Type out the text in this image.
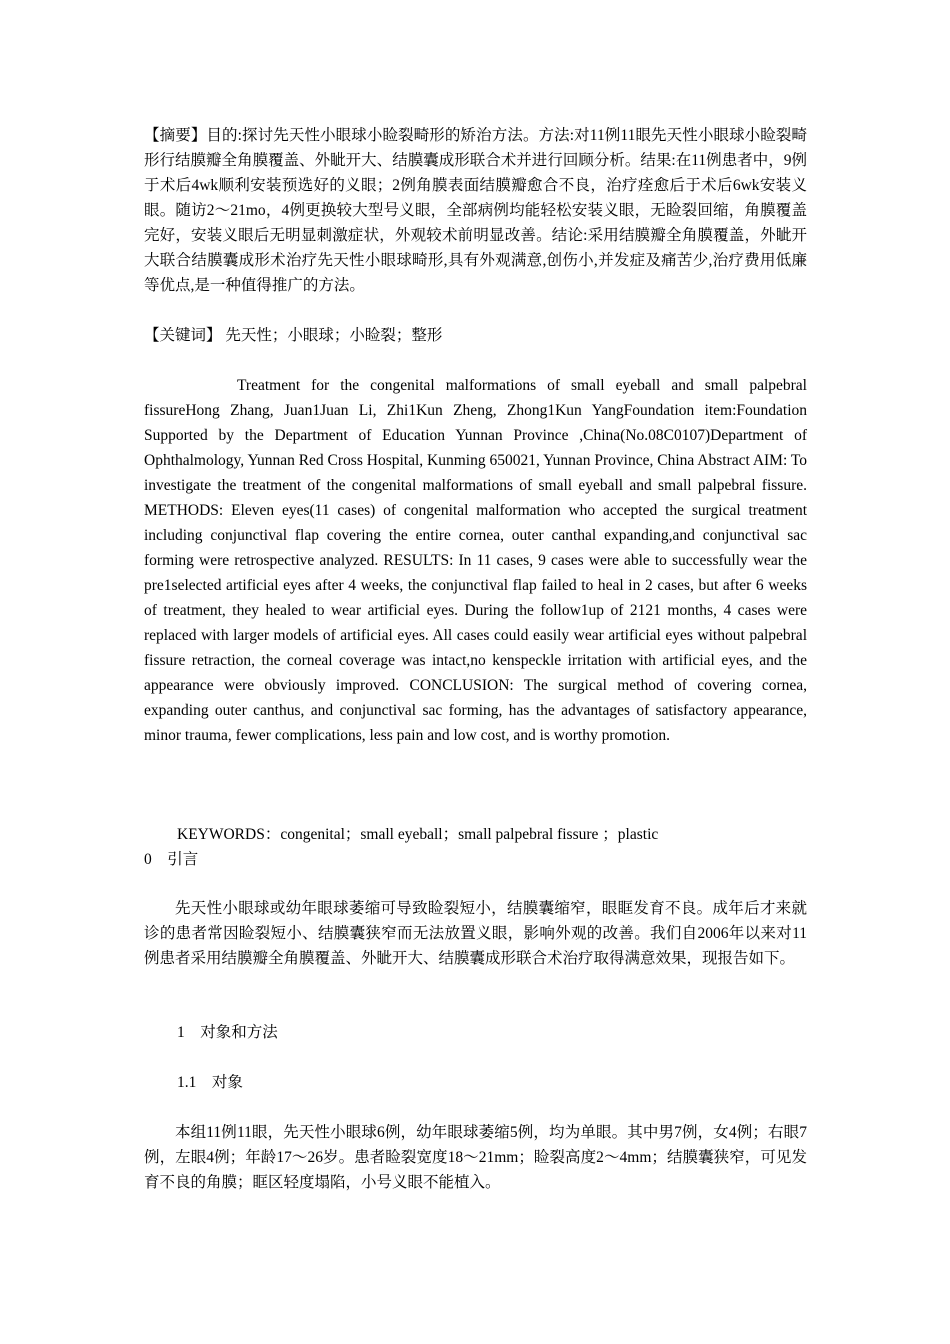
【摘要】目的:探讨先天性小眼球小睑裂畸形的矫治方法。方法:对11例11眼先天性小眼球小睑裂畸形行结膜瓣全角膜覆盖、外眦开大、结膜囊成形联合术并进行回顾分析。结果:在11例患者中，9例于术后4wk顺利安装预选好的义眼；2例角膜表面结膜瓣愈合不良，治疗痊愈后于术后6wk安装义眼。随访2～21mo，4例更换较大型号义眼，全部病例均能轻松安装义眼，无睑裂回缩，角膜覆盖完好，安装义眼后无明显刺激症状，外观较术前明显改善。结论:采用结膜瓣全角膜覆盖，外眦开大联合结膜囊成形术治疗先天性小眼球畸形,具有外观满意,创伤小,并发症及痛苦少,治疗费用低廉等优点,是一种值得推广的方法。

【关键词】 先天性；小眼球；小睑裂；整形

Treatment for the congenital malformations of small eyeball and small palpebral fissureHong Zhang, Juan1Juan Li, Zhi1Kun Zheng, Zhong1Kun YangFoundation item:Foundation Supported by the Department of Education Yunnan Province ,China(No.08C0107)Department of Ophthalmology, Yunnan Red Cross Hospital, Kunming 650021, Yunnan Province, China Abstract AIM: To investigate the treatment of the congenital malformations of small eyeball and small palpebral fissure. METHODS: Eleven eyes(11 cases) of congenital malformation who accepted the surgical treatment including conjunctival flap covering the entire cornea, outer canthal expanding,and conjunctival sac forming were retrospective analyzed. RESULTS: In 11 cases, 9 cases were able to successfully wear the pre1selected artificial eyes after 4 weeks, the conjunctival flap failed to heal in 2 cases, but after 6 weeks of treatment, they healed to wear artificial eyes. During the follow1up of 2121 months, 4 cases were replaced with larger models of artificial eyes. All cases could easily wear artificial eyes without palpebral fissure retraction, the corneal coverage was intact,no kenspeckle irritation with artificial eyes, and the appearance were obviously improved. CONCLUSION: The surgical method of covering cornea, expanding outer canthus, and conjunctival sac forming, has the advantages of satisfactory appearance, minor trauma, fewer complications, less pain and low cost, and is worthy promotion.

KEYWORDS：congenital；small eyeball；small palpebral fissure ；plastic

0　引言

先天性小眼球或幼年眼球萎缩可导致睑裂短小，结膜囊缩窄，眼眶发育不良。成年后才来就诊的患者常因睑裂短小、结膜囊狭窄而无法放置义眼，影响外观的改善。我们自2006年以来对11例患者采用结膜瓣全角膜覆盖、外眦开大、结膜囊成形联合术治疗取得满意效果，现报告如下。

1　对象和方法

1.1　对象

本组11例11眼，先天性小眼球6例，幼年眼球萎缩5例，均为单眼。其中男7例，女4例；右眼7例，左眼4例；年龄17～26岁。患者睑裂宽度18～21mm；睑裂高度2～4mm；结膜囊狭窄，可见发育不良的角膜；眶区轻度塌陷，小号义眼不能植入。
